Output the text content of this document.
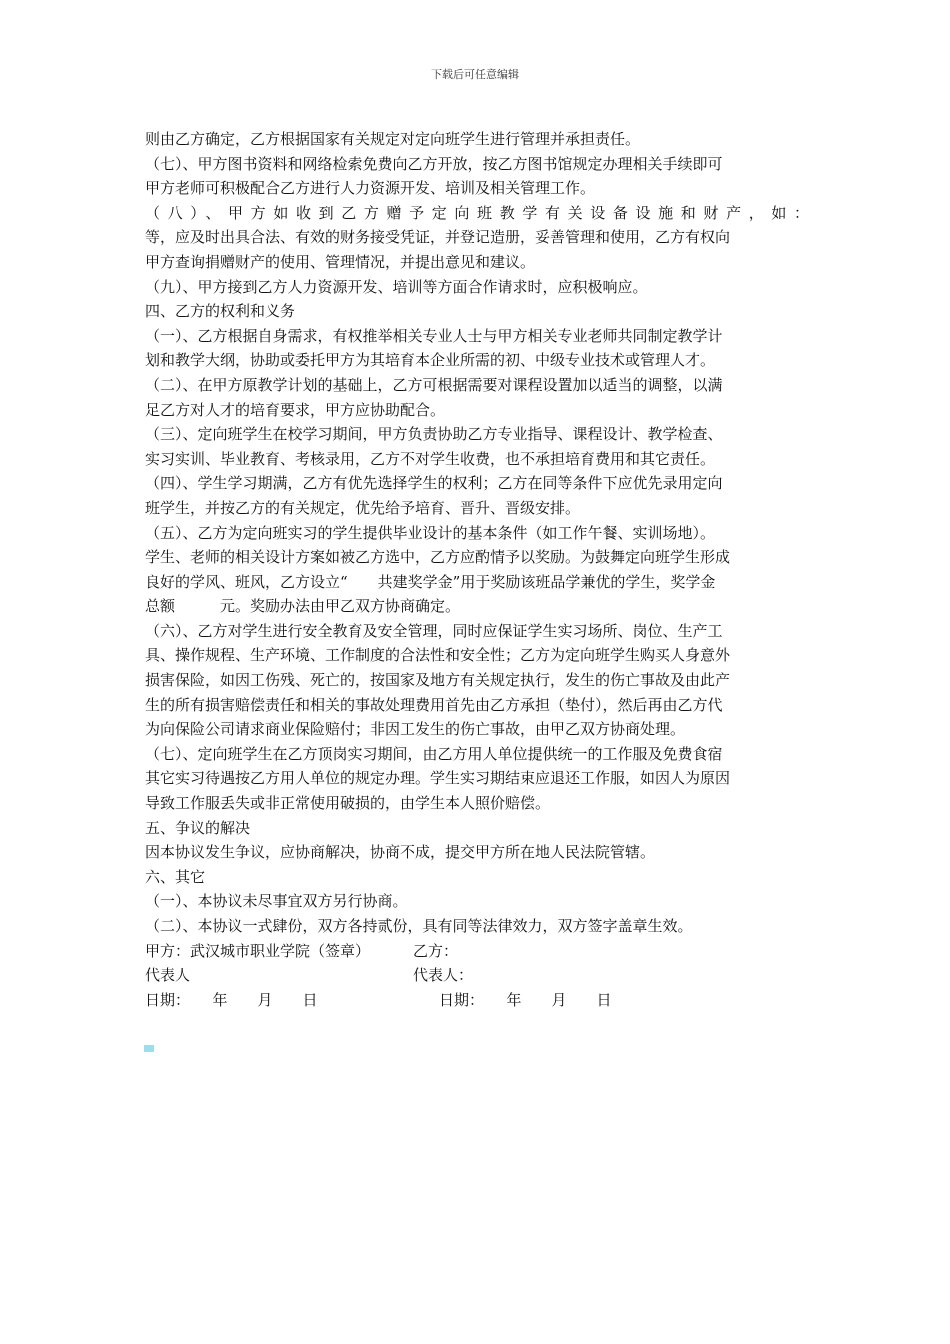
下载后可任意编辑
则由乙方确定，乙方根据国家有关规定对定向班学生进行管理并承担责任。
（七）、甲方图书资料和网络检索免费向乙方开放，按乙方图书馆规定办理相关手续即可
甲方老师可积极配合乙方进行人力资源开发、培训及相关管理工作。
（八）、甲方如收到乙方赠予定向班教学有关设备设施和财产，如：
等，应及时出具合法、有效的财务接受凭证，并登记造册，妥善管理和使用，乙方有权向
甲方查询捐赠财产的使用、管理情况，并提出意见和建议。
（九）、甲方接到乙方人力资源开发、培训等方面合作请求时，应积极响应。
四、乙方的权利和义务
（一）、乙方根据自身需求，有权推举相关专业人士与甲方相关专业老师共同制定教学计
划和教学大纲，协助或委托甲方为其培育本企业所需的初、中级专业技术或管理人才。
（二）、在甲方原教学计划的基础上，乙方可根据需要对课程设置加以适当的调整，以满
足乙方对人才的培育要求，甲方应协助配合。
（三）、定向班学生在校学习期间，甲方负责协助乙方专业指导、课程设计、教学检查、
实习实训、毕业教育、考核录用，乙方不对学生收费，也不承担培育费用和其它责任。
（四）、学生学习期满，乙方有优先选择学生的权利；乙方在同等条件下应优先录用定向
班学生，并按乙方的有关规定，优先给予培育、晋升、晋级安排。
（五）、乙方为定向班实习的学生提供毕业设计的基本条件（如工作午餐、实训场地）。
学生、老师的相关设计方案如被乙方选中，乙方应酌情予以奖励。为鼓舞定向班学生形成
良好的学风、班风，乙方设立“　　共建奖学金”用于奖励该班品学兼优的学生，奖学金
总额　　　元。奖励办法由甲乙双方协商确定。
（六）、乙方对学生进行安全教育及安全管理，同时应保证学生实习场所、岗位、生产工
具、操作规程、生产环境、工作制度的合法性和安全性；乙方为定向班学生购买人身意外
损害保险，如因工伤残、死亡的，按国家及地方有关规定执行，发生的伤亡事故及由此产
生的所有损害赔偿责任和相关的事故处理费用首先由乙方承担（垫付），然后再由乙方代
为向保险公司请求商业保险赔付；非因工发生的伤亡事故，由甲乙双方协商处理。
（七）、定向班学生在乙方顶岗实习期间，由乙方用人单位提供统一的工作服及免费食宿
其它实习待遇按乙方用人单位的规定办理。学生实习期结束应退还工作服，如因人为原因
导致工作服丢失或非正常使用破损的，由学生本人照价赔偿。
五、争议的解决
因本协议发生争议，应协商解决，协商不成，提交甲方所在地人民法院管辖。
六、其它
（一）、本协议未尽事宜双方另行协商。
（二）、本协议一式肆份，双方各持贰份，具有同等法律效力，双方签字盖章生效。
甲方：武汉城市职业学院（签章）	乙方：
代表人	代表人：
日期：　　年　　月　　日	日期：　　年　　月　　日
